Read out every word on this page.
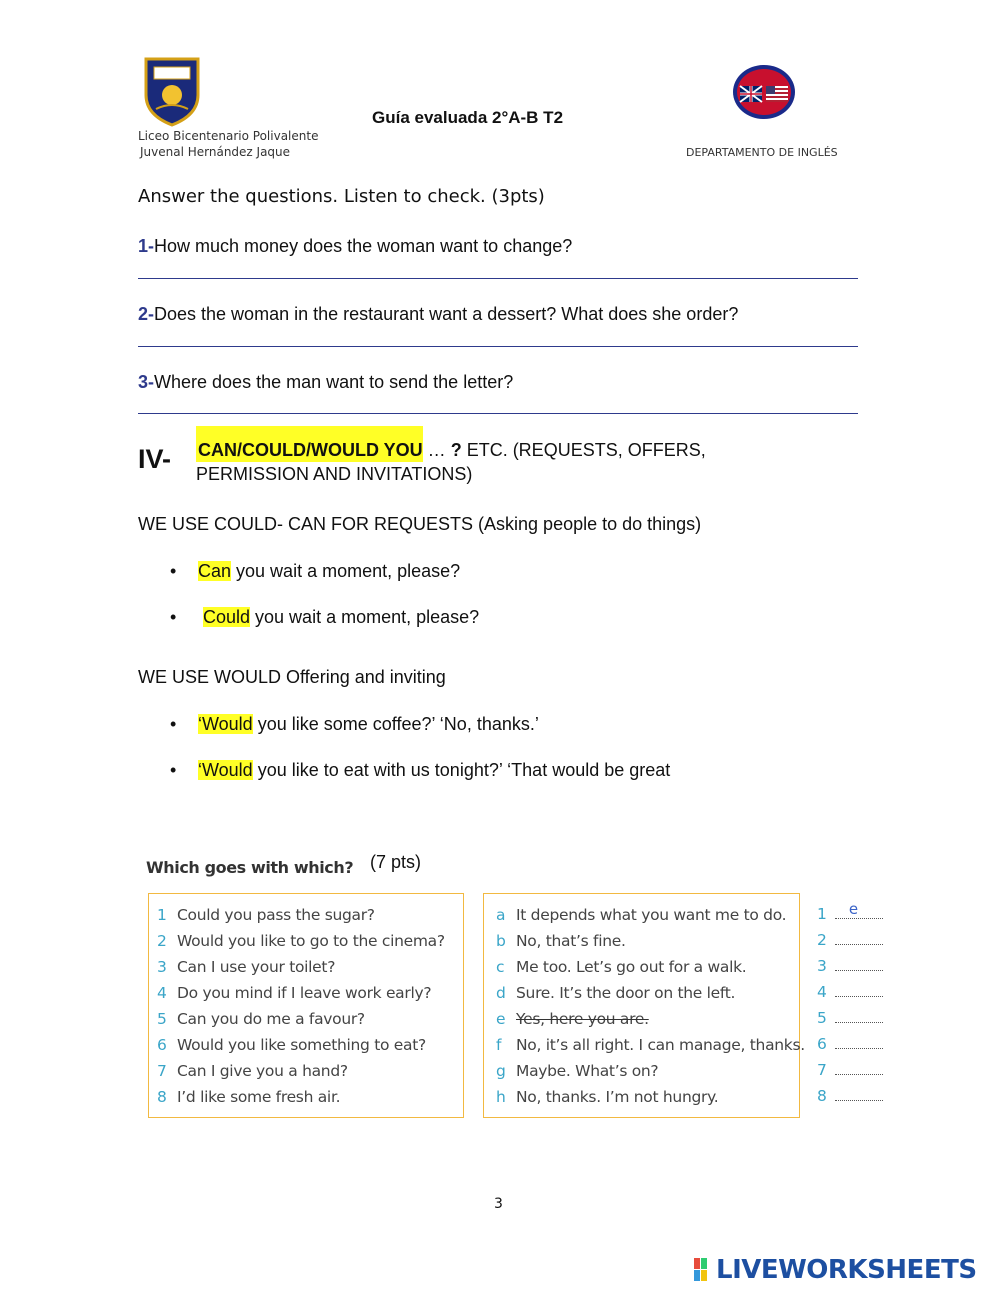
Liceo Bicentenario Polivalente
Juvenal Hernández Jaque
Guía evaluada 2°A-B T2
DEPARTAMENTO DE INGLÉS
Answer the questions. Listen to check. (3pts)
1-How much money does the woman want to change?
2-Does the woman in the restaurant want a dessert? What does she order?
3-Where does the man want to send the letter?
IV- CAN/COULD/WOULD YOU … ? ETC. (REQUESTS, OFFERS,
PERMISSION AND INVITATIONS)
WE USE COULD- CAN FOR REQUESTS (Asking people to do things)
• Can you wait a moment, please?
• Could you wait a moment, please?
WE USE WOULD Offering and inviting
• ‘Would you like some coffee?’ ‘No, thanks.’
• ‘Would you like to eat with us tonight?’ ‘That would be great
Which goes with which? (7 pts)
1 Could you pass the sugar?
2 Would you like to go to the cinema?
3 Can I use your toilet?
4 Do you mind if I leave work early?
5 Can you do me a favour?
6 Would you like something to eat?
7 Can I give you a hand?
8 I’d like some fresh air.
a It depends what you want me to do.
b No, that’s fine.
c Me too. Let’s go out for a walk.
d Sure. It’s the door on the left.
e Yes, here you are.
f No, it’s all right. I can manage, thanks.
g Maybe. What’s on?
h No, thanks. I’m not hungry.
1 e
2
3
4
5
6
7
8
3
LIVEWORKSHEETS
